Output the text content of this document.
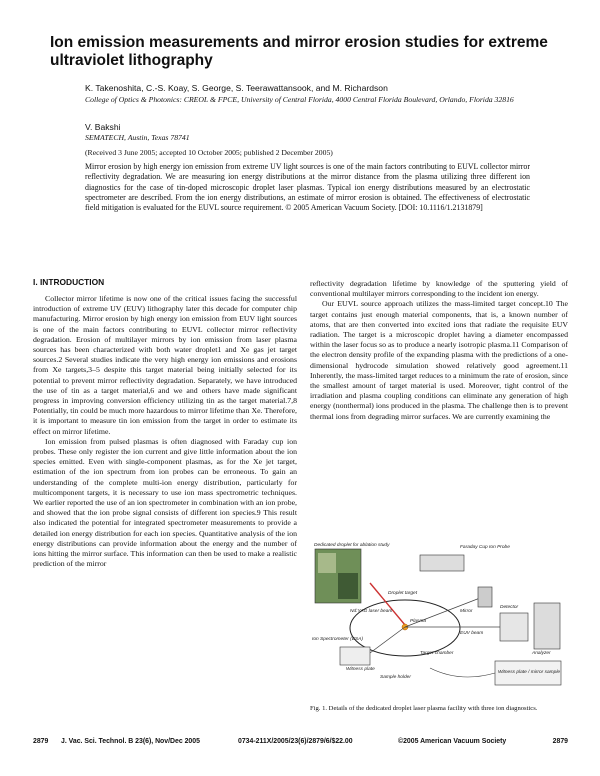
Ion emission measurements and mirror erosion studies for extreme ultraviolet lithography
K. Takenoshita, C.-S. Koay, S. George, S. Teerawattansook, and M. Richardson
College of Optics & Photonics: CREOL & FPCE, University of Central Florida, 4000 Central Florida Boulevard, Orlando, Florida 32816
V. Bakshi
SEMATECH, Austin, Texas 78741
(Received 3 June 2005; accepted 10 October 2005; published 2 December 2005)
Mirror erosion by high energy ion emission from extreme UV light sources is one of the main factors contributing to EUVL collector mirror reflectivity degradation. We are measuring ion energy distributions at the mirror distance from the plasma utilizing three different ion diagnostics for the case of tin-doped microscopic droplet laser plasmas. Typical ion energy distributions measured by an electrostatic spectrometer are described. From the ion energy distributions, an estimate of mirror erosion is obtained. The effectiveness of electrostatic field mitigation is evaluated for the EUVL source requirement. © 2005 American Vacuum Society. [DOI: 10.1116/1.2131879]
I. INTRODUCTION

Collector mirror lifetime is now one of the critical issues facing the successful introduction of extreme UV (EUV) lithography later this decade for computer chip manufacturing. Mirror erosion by high energy ion emission from EUV light sources is one of the main factors contributing to EUVL collector mirror reflectivity degradation. Erosion of multilayer mirrors by ion emission from laser plasma sources has been characterized with both water droplet1 and Xe gas jet target sources.2 Several studies indicate the very high energy ion emissions and erosions from Xe targets,3–5 despite this target material being initially selected for its potential to prevent mirror reflectivity degradation. Separately, we have introduced the use of tin as a target material,6 and we and others have made significant progress in improving conversion efficiency utilizing tin as the target material.7,8 Potentially, tin could be much more hazardous to mirror lifetime than Xe. Therefore, it is important to measure tin ion emission from the target in order to estimate its effect on mirror lifetime.

Ion emission from pulsed plasmas is often diagnosed with Faraday cup ion probes. These only register the ion current and give little information about the ion species emitted. Even with single-component plasmas, as for the Xe jet target, estimation of the ion spectrum from ion probes can be erroneous. To gain an understanding of the complete multi-ion energy distribution, particularly for multicomponent targets, it is necessary to use ion mass spectrometric techniques. We earlier reported the use of an ion spectrometer in combination with an ion probe, and showed that the ion probe signal consists of different ion species.9 This result also indicated the potential for integrated spectrometer measurements to provide a detailed ion energy distribution for each ion species. Quantitative analysis of the ion energy distributions can provide information about the energy and the number of ions hitting the mirror surface. This information can then be used to make a realistic prediction of the mirror

reflectivity degradation lifetime by knowledge of the sputtering yield of conventional multilayer mirrors corresponding to the incident ion energy.

Our EUVL source approach utilizes the mass-limited target concept.10 The target contains just enough material components, that is, a known number of atoms, that are then converted into excited ions that radiate the requisite EUV radiation. The target is a microscopic droplet having a diameter encompassed within the laser focus so as to produce a nearly isotropic plasma.11 Comparison of the electron density profile of the expanding plasma with the predictions of a one-dimensional hydrocode simulation showed relatively good agreement.11 Inherently, the mass-limited target reduces to a minimum the rate of erosion, since the smallest amount of target material is used. Moreover, tight control of the irradiation and plasma coupling conditions can eliminate any generation of high energy (nonthermal) ions produced in the plasma. The challenge then is to prevent thermal ions from degrading mirror surfaces. We are currently examining the

Dedicated droplet for ablation study	Faraday Cup Ion Probe
Droplet target
Nd:YAG laser beam
Plasma
Ion Spectrometer (ESA)
Mirror
Detector
Analyzer
EUV beam
Target chamber
Witness plate
Sample holder
Witness plate / mirror sample
Fig. 1. Details of the dedicated droplet laser plasma facility with three ion diagnostics.
2879 J. Vac. Sci. Technol. B 23(6), Nov/Dec 2005	0734-211X/2005/23(6)/2879/6/$22.00	©2005 American Vacuum Society	2879
